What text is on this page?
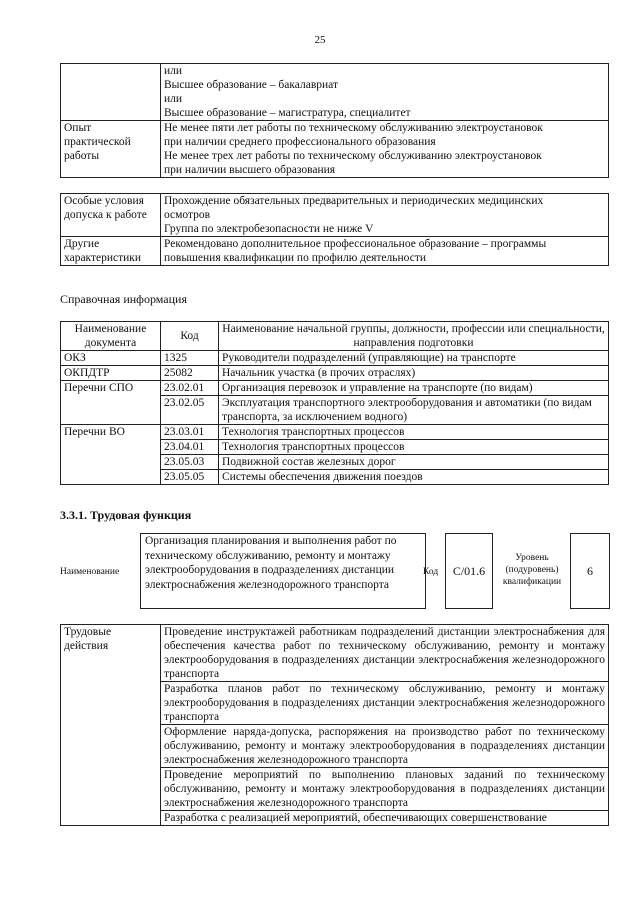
25

	или
Высшее образование – бакалавриат
или
Высшее образование – магистратура, специалитет

Опыт практической работы	Не менее пяти лет работы по техническому обслуживанию электроустановок
при наличии среднего профессионального образования
Не менее трех лет работы по техническому обслуживанию электроустановок
при наличии высшего образования
Особые условия допуска к работе	Прохождение обязательных предварительных и периодических медицинских
осмотров
Группа по электробезопасности не ниже V

Другие характеристики	Рекомендовано дополнительное профессиональное образование – программы
повышения квалификации по профилю деятельности
Справочная информация
Наименование документа	Код	Наименование начальной группы, должности, профессии или специальности, направления подготовки
ОКЗ	1325	Руководители подразделений (управляющие) на транспорте
ОКПДТР	25082	Начальник участка (в прочих отраслях)
Перечни СПО	23.02.01	Организация перевозок и управление на транспорте (по видам)
	23.02.05	Эксплуатация транспортного электрооборудования и автоматики (по видам транспорта, за исключением водного)
Перечни ВО	23.03.01	Технология транспортных процессов
	23.04.01	Технология транспортных процессов
	23.05.03	Подвижной состав железных дорог
	23.05.05	Системы обеспечения движения поездов
3.3.1. Трудовая функция
Наименование
Организация планирования и выполнения работ по техническому обслуживанию, ремонту и монтажу электрооборудования в подразделениях дистанции электроснабжения железнодорожного транспорта
Код	C/01.6
Уровень (подуровень) квалификации
6
Трудовые действия	Проведение инструктажей работникам подразделений дистанции электроснабжения для обеспечения качества работ по техническому обслуживанию, ремонту и монтажу электрооборудования в подразделениях дистанции электроснабжения железнодорожного транспорта
Разработка планов работ по техническому обслуживанию, ремонту и монтажу электрооборудования в подразделениях дистанции электроснабжения железнодорожного транспорта
Оформление наряда-допуска, распоряжения на производство работ по техническому обслуживанию, ремонту и монтажу электрооборудования в подразделениях дистанции электроснабжения железнодорожного транспорта
Проведение мероприятий по выполнению плановых заданий по техническому обслуживанию, ремонту и монтажу электрооборудования в подразделениях дистанции электроснабжения железнодорожного транспорта
Разработка с реализацией мероприятий, обеспечивающих совершенствование
